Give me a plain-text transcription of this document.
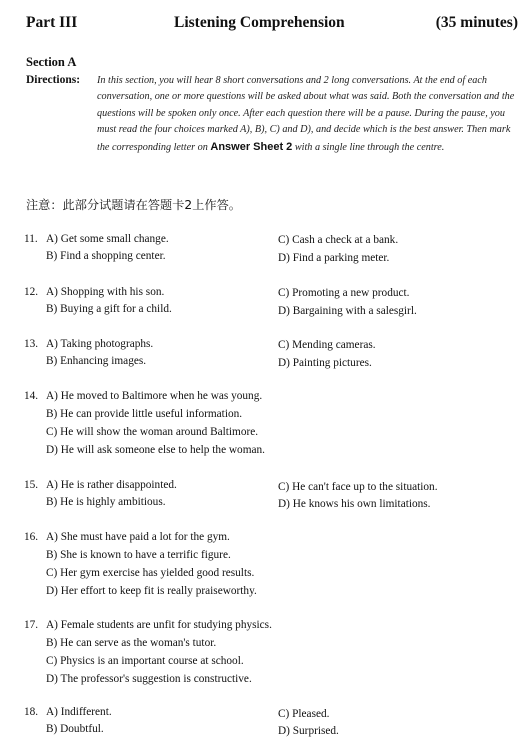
Part III	Listening Comprehension	(35 minutes)
Section A
Directions: In this section, you will hear 8 short conversations and 2 long conversations. At the end of each conversation, one or more questions will be asked about what was said. Both the conversation and the questions will be spoken only once. After each question there will be a pause. During the pause, you must read the four choices marked A), B), C) and D), and decide which is the best answer. Then mark the corresponding letter on Answer Sheet 2 with a single line through the centre.
注意：此部分试题请在答题卡2上作答。
11. A) Get some small change.	C) Cash a check at a bank.
B) Find a shopping center.	D) Find a parking meter.
12. A) Shopping with his son.	C) Promoting a new product.
B) Buying a gift for a child.	D) Bargaining with a salesgirl.
13. A) Taking photographs.	C) Mending cameras.
B) Enhancing images.	D) Painting pictures.
14. A) He moved to Baltimore when he was young.
B) He can provide little useful information.
C) He will show the woman around Baltimore.
D) He will ask someone else to help the woman.
15. A) He is rather disappointed.	C) He can't face up to the situation.
B) He is highly ambitious.	D) He knows his own limitations.
16. A) She must have paid a lot for the gym.
B) She is known to have a terrific figure.
C) Her gym exercise has yielded good results.
D) Her effort to keep fit is really praiseworthy.
17. A) Female students are unfit for studying physics.
B) He can serve as the woman's tutor.
C) Physics is an important course at school.
D) The professor's suggestion is constructive.
18. A) Indifferent.	C) Pleased.
B) Doubtful.	D) Surprised.
